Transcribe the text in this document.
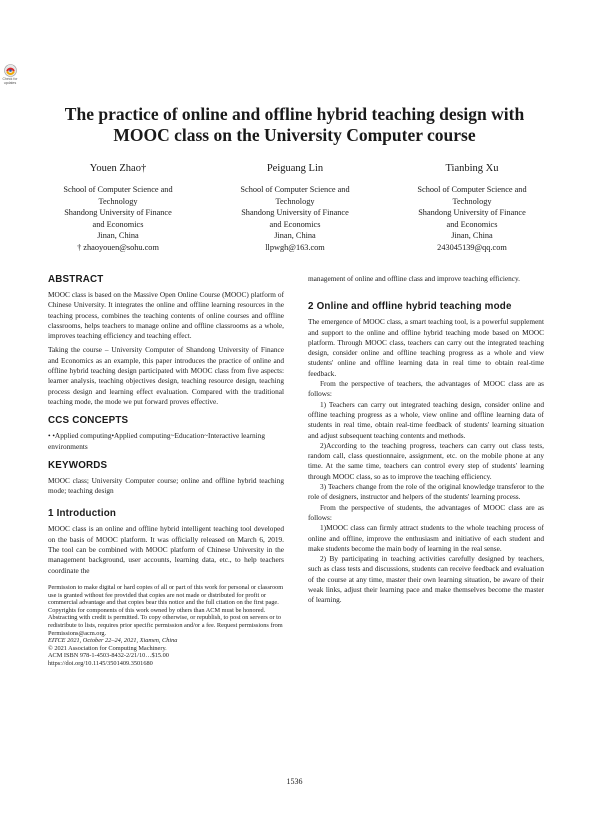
Check for
updates
The practice of online and offline hybrid teaching design with
MOOC class on the University Computer course
Youen Zhao†
School of Computer Science and
Technology
Shandong University of Finance
and Economics
Jinan, China
† zhaoyouen@sohu.com
Peiguang Lin
School of Computer Science and
Technology
Shandong University of Finance
and Economics
Jinan, China
llpwgh@163.com
Tianbing Xu
School of Computer Science and
Technology
Shandong University of Finance
and Economics
Jinan, China
243045139@qq.com
ABSTRACT

MOOC class is based on the Massive Open Online Course (MOOC) platform of Chinese University. It integrates the online and offline learning resources in the teaching process, combines the teaching contents of online courses and offline classrooms, helps teachers to manage online and offline classrooms as a whole, improves teaching efficiency and teaching effect.

Taking the course – University Computer of Shandong University of Finance and Economics as an example, this paper introduces the practice of online and offline hybrid teaching design participated with MOOC class from five aspects: learner analysis, teaching objectives design, teaching resource design, teaching process design and learning effect evaluation. Compared with the traditional teaching mode, the mode we put forward proves effective.

CCS CONCEPTS

• •Applied computing•Applied computing~Education~Interactive learning environments

KEYWORDS

MOOC class; University Computer course; online and offline hybrid teaching mode; teaching design

1 Introduction

MOOC class is an online and offline hybrid intelligent teaching tool developed on the basis of MOOC platform. It was officially released on March 6, 2019. The tool can be combined with MOOC platform of Chinese University in the management background, user accounts, learning data, etc., to help teachers coordinate the

Permission to make digital or hard copies of all or part of this work for personal or classroom use is granted without fee provided that copies are not made or distributed for profit or commercial advantage and that copies bear this notice and the full citation on the first page. Copyrights for components of this work owned by others than ACM must be honored. Abstracting with credit is permitted. To copy otherwise, or republish, to post on servers or to redistribute to lists, requires prior specific permission and/or a fee. Request permissions from Permissions@acm.org.

EITCE 2021, October 22–24, 2021, Xiamen, China

© 2021 Association for Computing Machinery.

ACM ISBN 978-1-4503-8432-2/21/10…$15.00

https://doi.org/10.1145/3501409.3501680

management of online and offline class and improve teaching efficiency.

2 Online and offline hybrid teaching mode

The emergence of MOOC class, a smart teaching tool, is a powerful supplement and support to the online and offline hybrid teaching mode based on MOOC platform. Through MOOC class, teachers can carry out the integrated teaching design, consider online and offline teaching progress as a whole and view students' online and offline learning data in real time to obtain real-time feedback.

From the perspective of teachers, the advantages of MOOC class are as follows:

1) Teachers can carry out integrated teaching design, consider online and offline teaching progress as a whole, view online and offline learning data of students in real time, obtain real-time feedback of students' learning situation and adjust subsequent teaching contents and methods.

2)According to the teaching progress, teachers can carry out class tests, random call, class questionnaire, assignment, etc. on the mobile phone at any time. At the same time, teachers can control every step of students' learning through MOOC class, so as to improve the teaching efficiency.

3) Teachers change from the role of the original knowledge transferor to the role of designers, instructor and helpers of the students' learning process.

From the perspective of students, the advantages of MOOC class are as follows:

1)MOOC class can firmly attract students to the whole teaching process of online and offline, improve the enthusiasm and initiative of each student and make students become the main body of learning in the real sense.

2) By participating in teaching activities carefully designed by teachers, such as class tests and discussions, students can receive feedback and evaluation of the course at any time, master their own learning situation, be aware of their weak links, adjust their learning pace and make themselves become the master of learning.

1536
